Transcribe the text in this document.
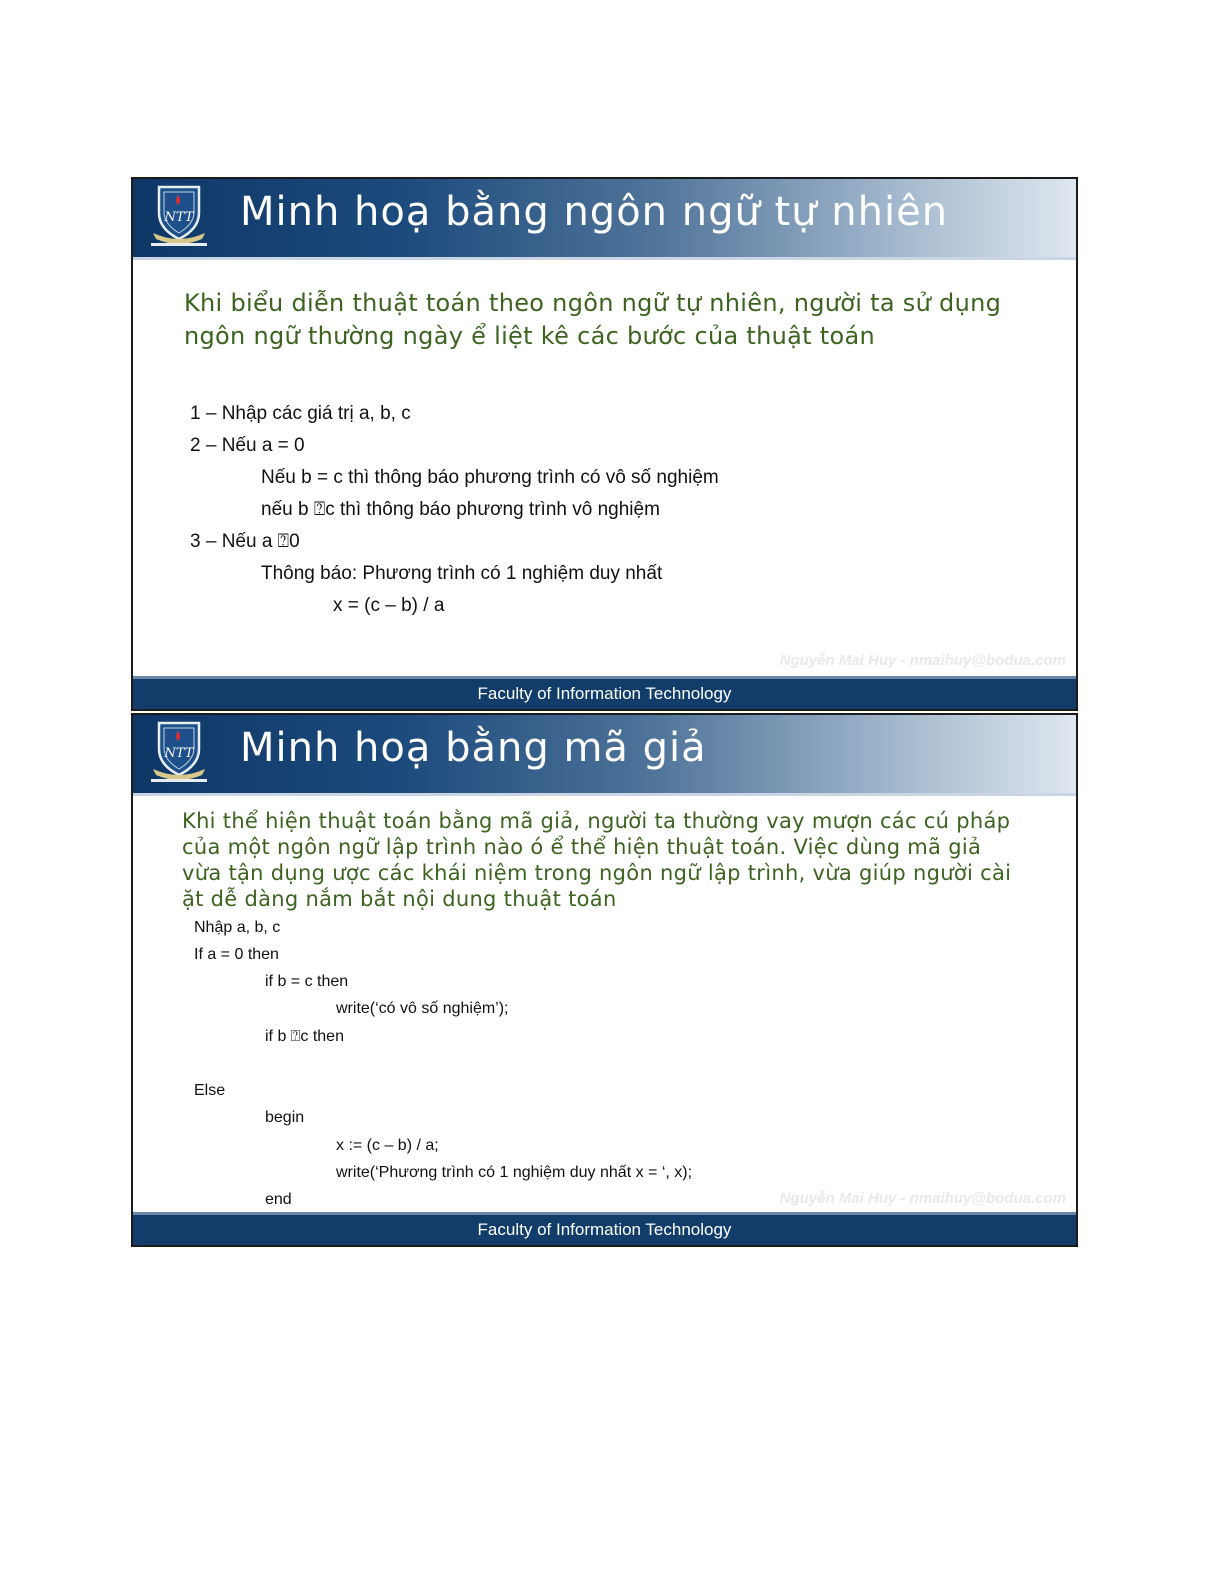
NTT Minh hoạ bằng ngôn ngữ tự nhiên
Khi biểu diễn thuật toán theo ngôn ngữ tự nhiên, người ta sử dụng ngôn ngữ thường ngày ể liệt kê các bước của thuật toán
1 – Nhập các giá trị a, b, c
2 – Nếu a = 0
Nếu b = c thì thông báo phương trình có vô số nghiệm
nếu b ⍰c thì thông báo phương trình vô nghiệm
3 – Nếu a ⍰0
Thông báo: Phương trình có 1 nghiệm duy nhất
x = (c – b) / a
Nguyễn Mai Huy - nmaihuy@bodua.com
Faculty of Information Technology
NTT Minh hoạ bằng mã giả
Khi thể hiện thuật toán bằng mã giả, người ta thường vay mượn các cú pháp của một ngôn ngữ lập trình nào ó ể thể hiện thuật toán. Việc dùng mã giả vừa tận dụng ược các khái niệm trong ngôn ngữ lập trình, vừa giúp người cài ặt dễ dàng nắm bắt nội dung thuật toán
Nhập a, b, c
If a = 0 then
if b = c then
write(‘có vô số nghiệm’);
if b ⍰c then
Else
begin
x := (c – b) / a;
write(‘Phương trình có 1 nghiệm duy nhất x = ‘, x);
end	Nguyễn Mai Huy - nmaihuy@bodua.com
Faculty of Information Technology
